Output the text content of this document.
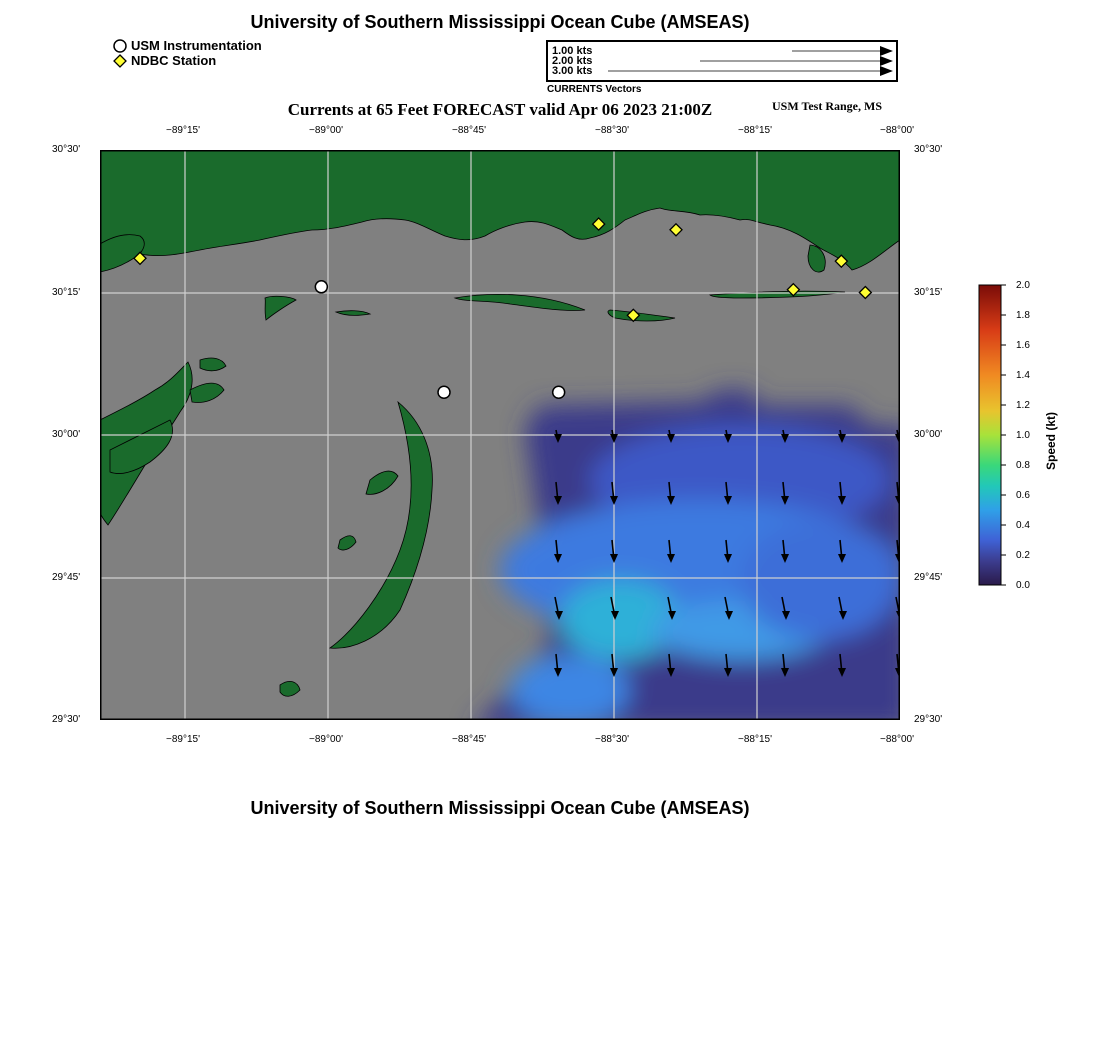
University of Southern Mississippi Ocean Cube (AMSEAS)
USM Instrumentation
NDBC Station
1.00 kts
2.00 kts
3.00 kts
CURRENTS Vectors
Currents at 65 Feet FORECAST valid Apr 06 2023 21:00Z	USM Test Range, MS
−89°15'	−89°00'	−88°45'	−88°30'	−88°15'	−88°00'
−89°15'	−89°00'	−88°45'	−88°30'	−88°15'	−88°00'
30°30'
30°15'
30°00'
29°45'
29°30'
30°30'
30°15'
30°00'
29°45'
29°30'
2.0
1.8
1.6
1.4
1.2
1.0
0.8
0.6
0.4
0.2
0.0
Speed (kt)
University of Southern Mississippi Ocean Cube (AMSEAS)
